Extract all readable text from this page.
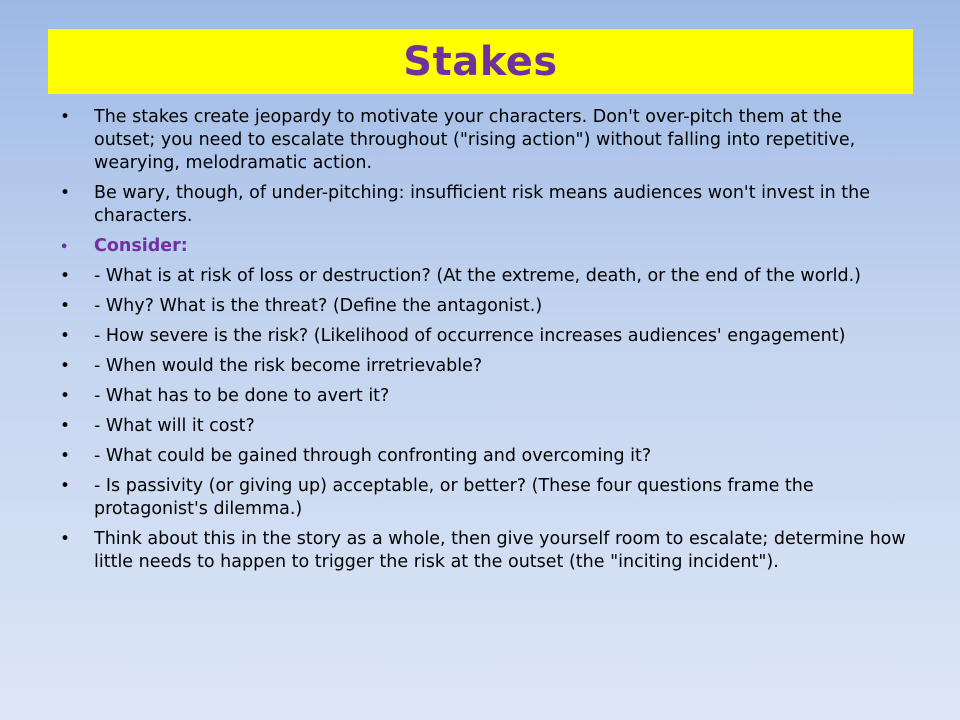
Stakes
• The stakes create jeopardy to motivate your characters. Don't over-pitch them at the outset; you need to escalate throughout ("rising action") without falling into repetitive, wearying, melodramatic action.
• Be wary, though, of under-pitching: insufficient risk means audiences won't invest in the characters.
• Consider:
• - What is at risk of loss or destruction? (At the extreme, death, or the end of the world.)
• - Why? What is the threat? (Define the antagonist.)
• - How severe is the risk? (Likelihood of occurrence increases audiences' engagement)
• - When would the risk become irretrievable?
• - What has to be done to avert it?
• - What will it cost?
• - What could be gained through confronting and overcoming it?
• - Is passivity (or giving up) acceptable, or better? (These four questions frame the protagonist's dilemma.)
• Think about this in the story as a whole, then give yourself room to escalate; determine how little needs to happen to trigger the risk at the outset (the "inciting incident").
